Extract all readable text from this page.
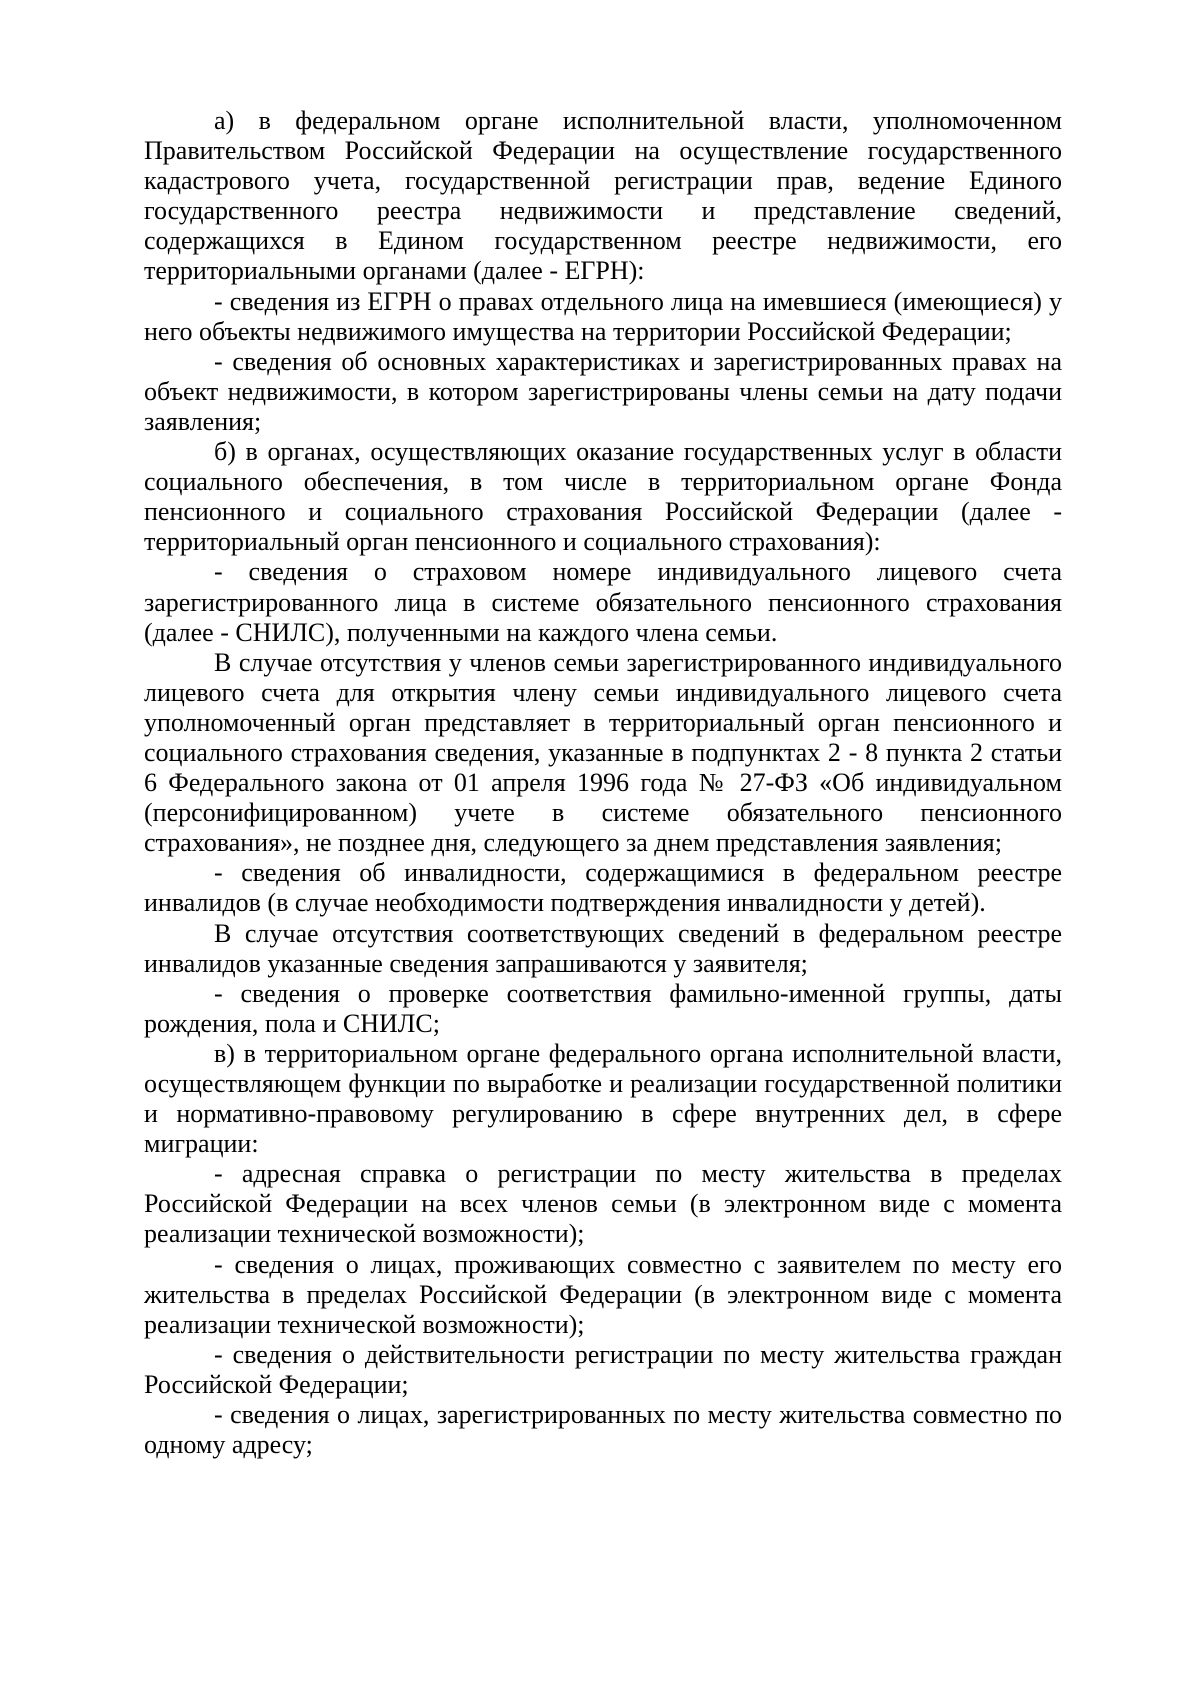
а) в федеральном органе исполнительной власти, уполномоченном Правительством Российской Федерации на осуществление государственного кадастрового учета, государственной регистрации прав, ведение Единого государственного реестра недвижимости и представление сведений, содержащихся в Едином государственном реестре недвижимости, его территориальными органами (далее - ЕГРН):

- сведения из ЕГРН о правах отдельного лица на имевшиеся (имеющиеся) у него объекты недвижимого имущества на территории Российской Федерации;

- сведения об основных характеристиках и зарегистрированных правах на объект недвижимости, в котором зарегистрированы члены семьи на дату подачи заявления;

б) в органах, осуществляющих оказание государственных услуг в области социального обеспечения, в том числе в территориальном органе Фонда пенсионного и социального страхования Российской Федерации (далее - территориальный орган пенсионного и социального страхования):

- сведения о страховом номере индивидуального лицевого счета зарегистрированного лица в системе обязательного пенсионного страхования (далее - СНИЛС), полученными на каждого члена семьи.

В случае отсутствия у членов семьи зарегистрированного индивидуального лицевого счета для открытия члену семьи индивидуального лицевого счета уполномоченный орган представляет в территориальный орган пенсионного и социального страхования сведения, указанные в подпунктах 2 - 8 пункта 2 статьи 6 Федерального закона от 01 апреля 1996 года № 27-ФЗ «Об индивидуальном (персонифицированном) учете в системе обязательного пенсионного страхования», не позднее дня, следующего за днем представления заявления;

- сведения об инвалидности, содержащимися в федеральном реестре инвалидов (в случае необходимости подтверждения инвалидности у детей).

В случае отсутствия соответствующих сведений в федеральном реестре инвалидов указанные сведения запрашиваются у заявителя;

- сведения о проверке соответствия фамильно-именной группы, даты рождения, пола и СНИЛС;

в) в территориальном органе федерального органа исполнительной власти, осуществляющем функции по выработке и реализации государственной политики и нормативно-правовому регулированию в сфере внутренних дел, в сфере миграции:

- адресная справка о регистрации по месту жительства в пределах Российской Федерации на всех членов семьи (в электронном виде с момента реализации технической возможности);

- сведения о лицах, проживающих совместно с заявителем по месту его жительства в пределах Российской Федерации (в электронном виде с момента реализации технической возможности);

- сведения о действительности регистрации по месту жительства граждан Российской Федерации;

- сведения о лицах, зарегистрированных по месту жительства совместно по одному адресу;
